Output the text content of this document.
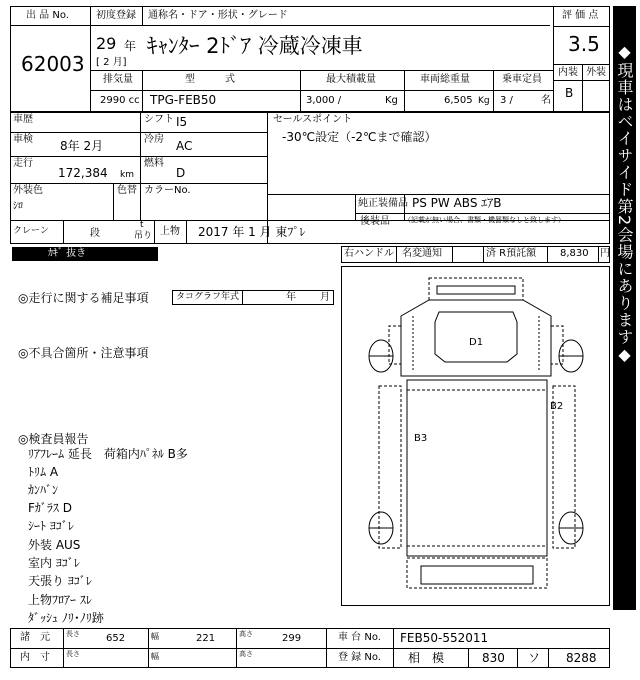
出 品 No.
62003
初度登録
29 年
[ 2 月]
通称名・ドア・形状・グレード
ｷｬﾝﾀｰ 2ﾄﾞｱ 冷蔵冷凍車
評 価 点
3.5
内装 外装
B
排気量
2990 cc
型　　　式
TPG-FEB50
最大積載量
3,000 /	Kg
車両総重量
6,505 Kg
乗車定員
3 /	名
車歴	シフト I5
車検 8年 2月	冷房 AC
走行
172,384 km
燃料
D
外装色
ｼﾛ
色替 カラーNo.
クレーン	段
t
吊り 上物 2017 年 1 月 東ﾌﾟﾚ
セールスポイント
-30℃設定（-2℃まで確認）
純正装備品 PS PW ABS ｴｱB
後装品 （記載が無い場合、書類・機器類なしと致します）
ｶｷﾞ 抜き	右ハンドル 名変通知	済 R預託額 8,830 円
◎走行に関する補足事項	タコグラフ年式	年 月
◎不具合箇所・注意事項
◎検査員報告
ﾘｱﾌﾚｰﾑ 延長　荷箱内ﾊﾟﾈﾙ B多
ﾄﾘﾑ A
ｶﾝﾊﾞﾝ
Fｶﾞﾗｽ D
ｼｰﾄ ﾖｺﾞﾚ
外装 AUS
室内 ﾖｺﾞﾚ
天張り ﾖｺﾞﾚ
上物ﾌﾛｱｰ ｽﾚ
ﾀﾞｯｼｭ ﾉﾘ･ﾉﾘ跡
D1
B2
B3
諸　元 長さ	652	幅	221	高さ	299
内　寸 長さ	幅	高さ
車 台 No. FEB50-552011
登 録 No. 相　模	830 ソ 8288
◆現車はベイサイド第2会場にあります◆
